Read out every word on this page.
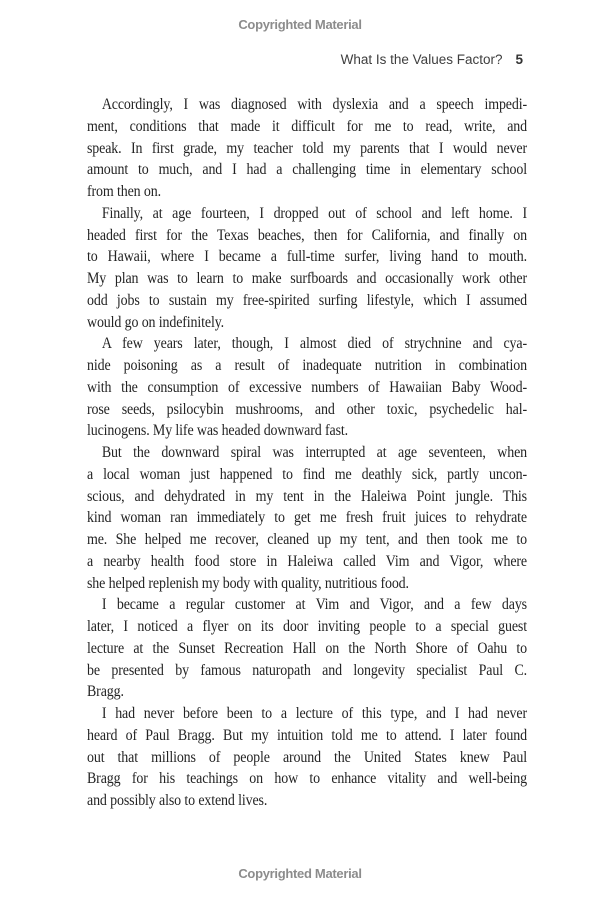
Copyrighted Material
What Is the Values Factor? 5
Accordingly, I was diagnosed with dyslexia and a speech impedi-
ment, conditions that made it difficult for me to read, write, and
speak. In first grade, my teacher told my parents that I would never
amount to much, and I had a challenging time in elementary school
from then on.
Finally, at age fourteen, I dropped out of school and left home. I
headed first for the Texas beaches, then for California, and finally on
to Hawaii, where I became a full-time surfer, living hand to mouth.
My plan was to learn to make surfboards and occasionally work other
odd jobs to sustain my free-spirited surfing lifestyle, which I assumed
would go on indefinitely.
A few years later, though, I almost died of strychnine and cya-
nide poisoning as a result of inadequate nutrition in combination
with the consumption of excessive numbers of Hawaiian Baby Wood-
rose seeds, psilocybin mushrooms, and other toxic, psychedelic hal-
lucinogens. My life was headed downward fast.
But the downward spiral was interrupted at age seventeen, when
a local woman just happened to find me deathly sick, partly uncon-
scious, and dehydrated in my tent in the Haleiwa Point jungle. This
kind woman ran immediately to get me fresh fruit juices to rehydrate
me. She helped me recover, cleaned up my tent, and then took me to
a nearby health food store in Haleiwa called Vim and Vigor, where
she helped replenish my body with quality, nutritious food.
I became a regular customer at Vim and Vigor, and a few days
later, I noticed a flyer on its door inviting people to a special guest
lecture at the Sunset Recreation Hall on the North Shore of Oahu to
be presented by famous naturopath and longevity specialist Paul C.
Bragg.
I had never before been to a lecture of this type, and I had never
heard of Paul Bragg. But my intuition told me to attend. I later found
out that millions of people around the United States knew Paul
Bragg for his teachings on how to enhance vitality and well-being
and possibly also to extend lives.
Copyrighted Material
